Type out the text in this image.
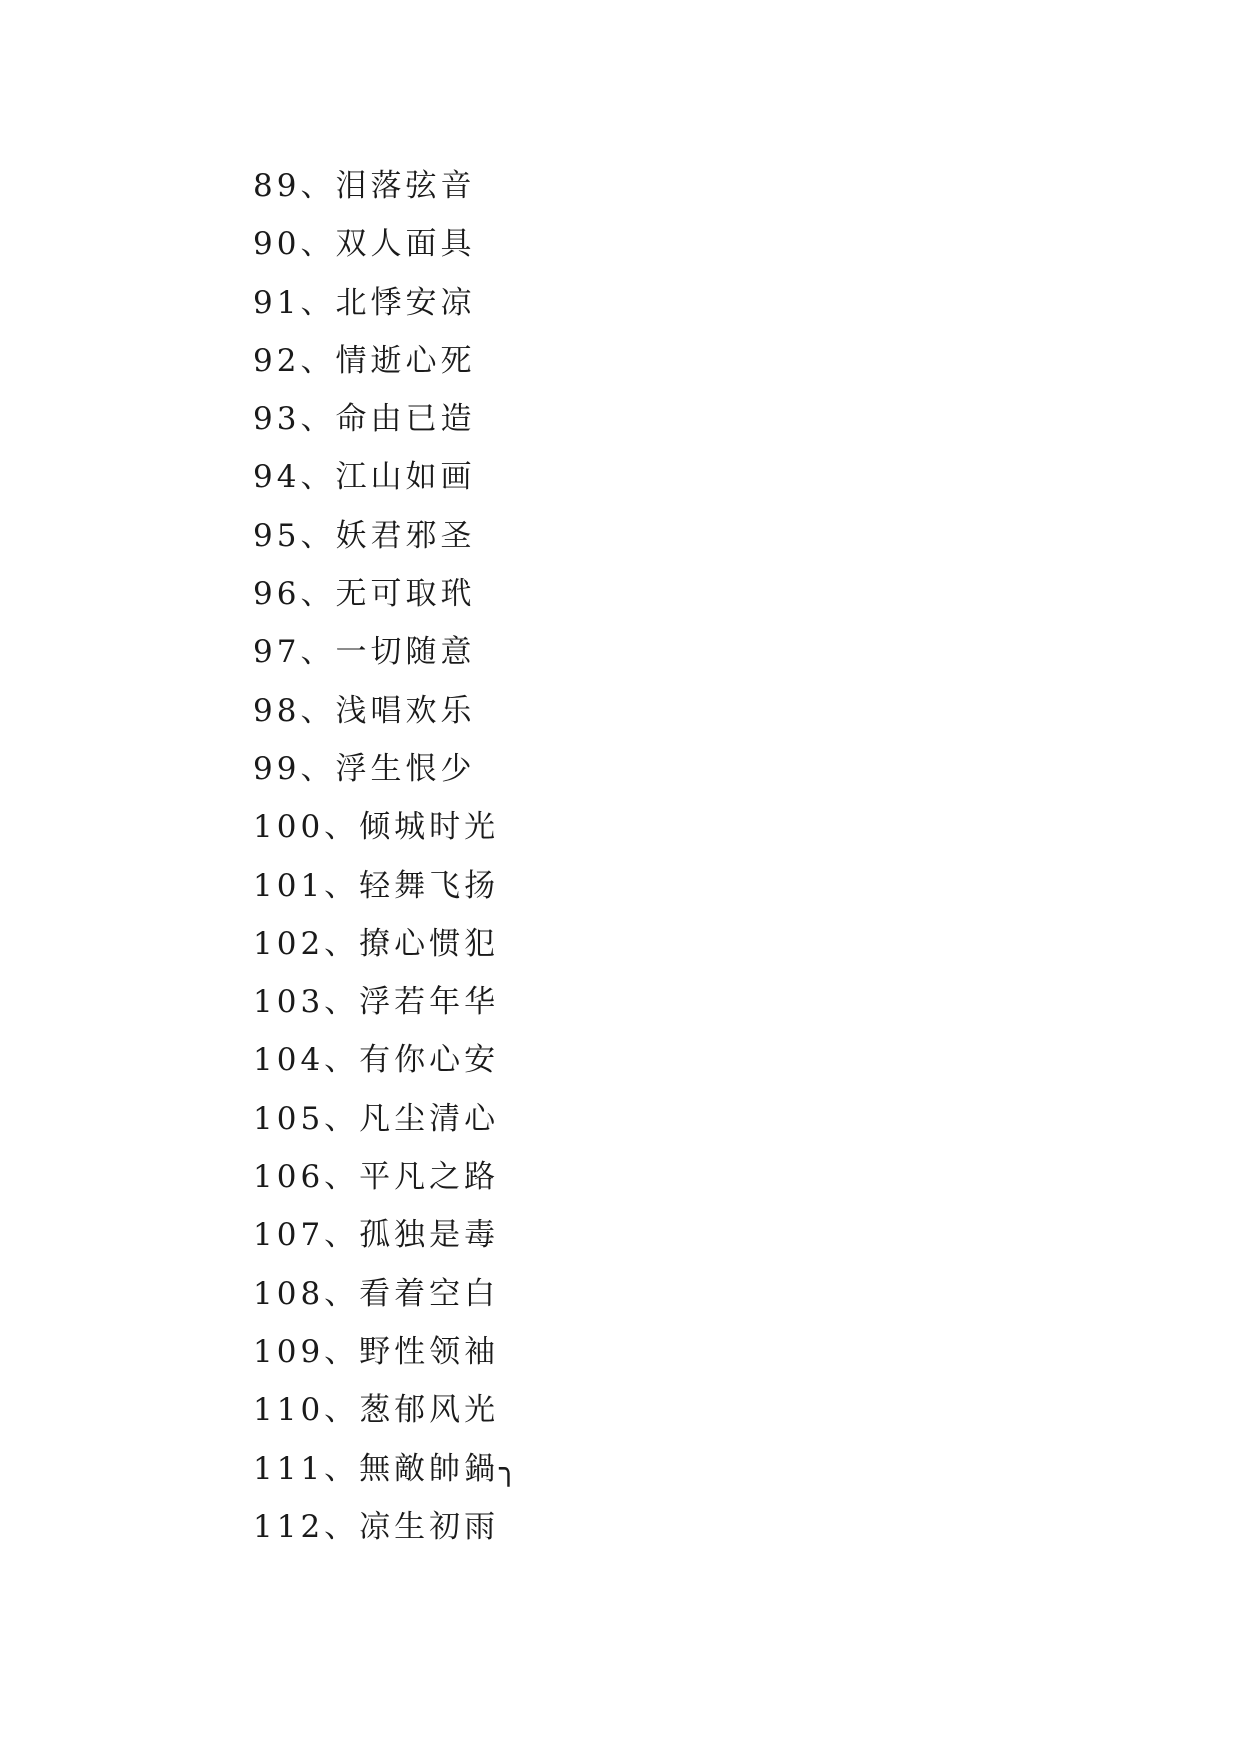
89、泪落弦音
90、双人面具
91、北悸安凉
92、情逝心死
93、命由已造
94、江山如画
95、妖君邪圣
96、无可取玳
97、一切随意
98、浅唱欢乐
99、浮生恨少
100、倾城时光
101、轻舞飞扬
102、撩心惯犯
103、浮若年华
104、有你心安
105、凡尘清心
106、平凡之路
107、孤独是毒
108、看着空白
109、野性领袖
110、葱郁风光
111、無敵帥鍋╮
112、凉生初雨
